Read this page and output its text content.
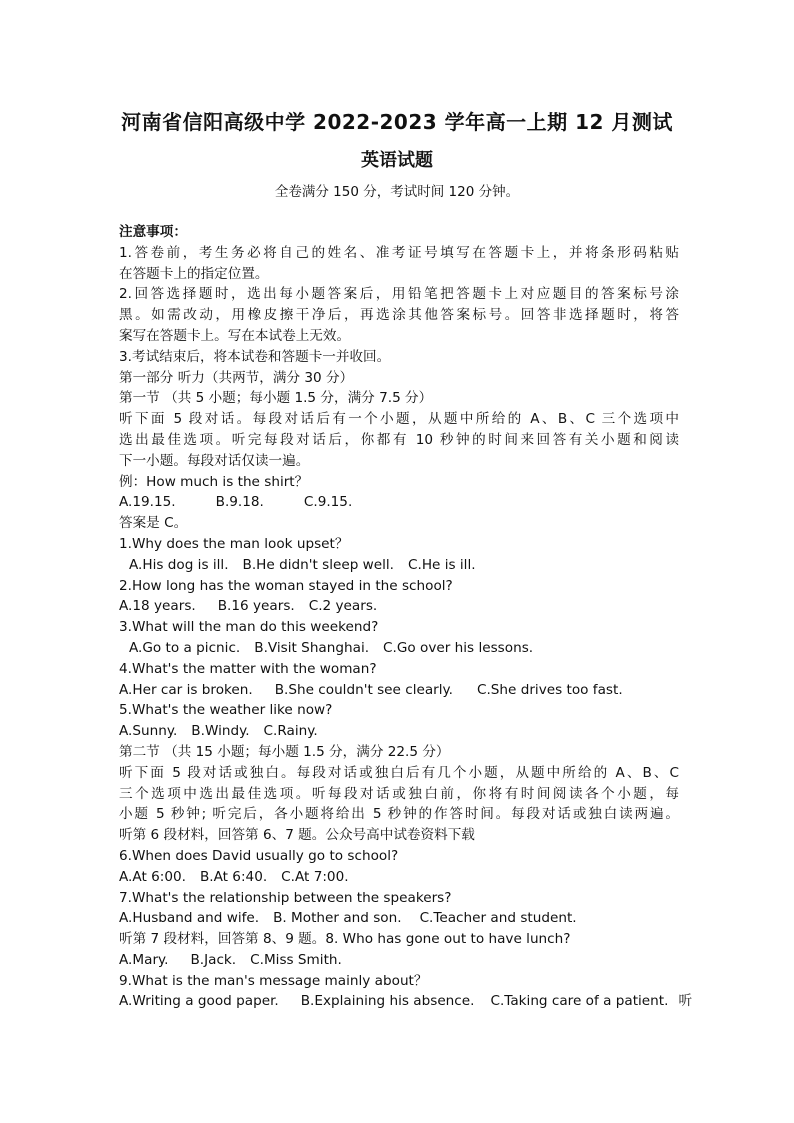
河南省信阳高级中学 2022-2023 学年高一上期 12 月测试
英语试题
全卷满分 150 分，考试时间 120 分钟。
注意事项：
1.答卷前，考生务必将自己的姓名、准考证号填写在答题卡上，并将条形码粘贴
在答题卡上的指定位置。
2.回答选择题时，选出每小题答案后，用铅笔把答题卡上对应题目的答案标号涂
黑。如需改动，用橡皮擦干净后，再选涂其他答案标号。回答非选择题时，将答
案写在答题卡上。写在本试卷上无效。
3.考试结束后，将本试卷和答题卡一并收回。
第一部分 听力（共两节，满分 30 分）
第一节 （共 5 小题；每小题 1.5 分，满分 7.5 分）
听下面 5 段对话。每段对话后有一个小题，从题中所给的 A、B、C 三个选项中
选出最佳选项。听完每段对话后，你都有 10 秒钟的时间来回答有关小题和阅读
下一小题。每段对话仅读一遍。
例：How much is the shirt？
A.19.15.	B.9.18.	C.9.15.
答案是 C。
1.Why does the man look upset？
A.His dog is ill. B.He didn't sleep well. C.He is ill.
2.How long has the woman stayed in the school?
A.18 years. B.16 years. C.2 years.
3.What will the man do this weekend?
A.Go to a picnic. B.Visit Shanghai. C.Go over his lessons.
4.What's the matter with the woman?
A.Her car is broken. B.She couldn't see clearly. C.She drives too fast.
5.What's the weather like now?
A.Sunny. B.Windy. C.Rainy.
第二节 （共 15 小题；每小题 1.5 分，满分 22.5 分）
听下面 5 段对话或独白。每段对话或独白后有几个小题，从题中所给的 A、B、C
三个选项中选出最佳选项。听每段对话或独白前，你将有时间阅读各个小题，每
小题 5 秒钟; 听完后，各小题将给出 5 秒钟的作答时间。每段对话或独白读两遍。
听第 6 段材料，回答第 6、7 题。公众号高中试卷资料下载
6.When does David usually go to school?
A.At 6:00. B.At 6:40. C.At 7:00.
7.What's the relationship between the speakers?
A.Husband and wife. B. Mother and son. C.Teacher and student.
听第 7 段材料，回答第 8、9 题。8. Who has gone out to have lunch?
A.Mary. B.Jack. C.Miss Smith.
9.What is the man's message mainly about？
A.Writing a good paper. B.Explaining his absence. C.Taking care of a patient. 听
